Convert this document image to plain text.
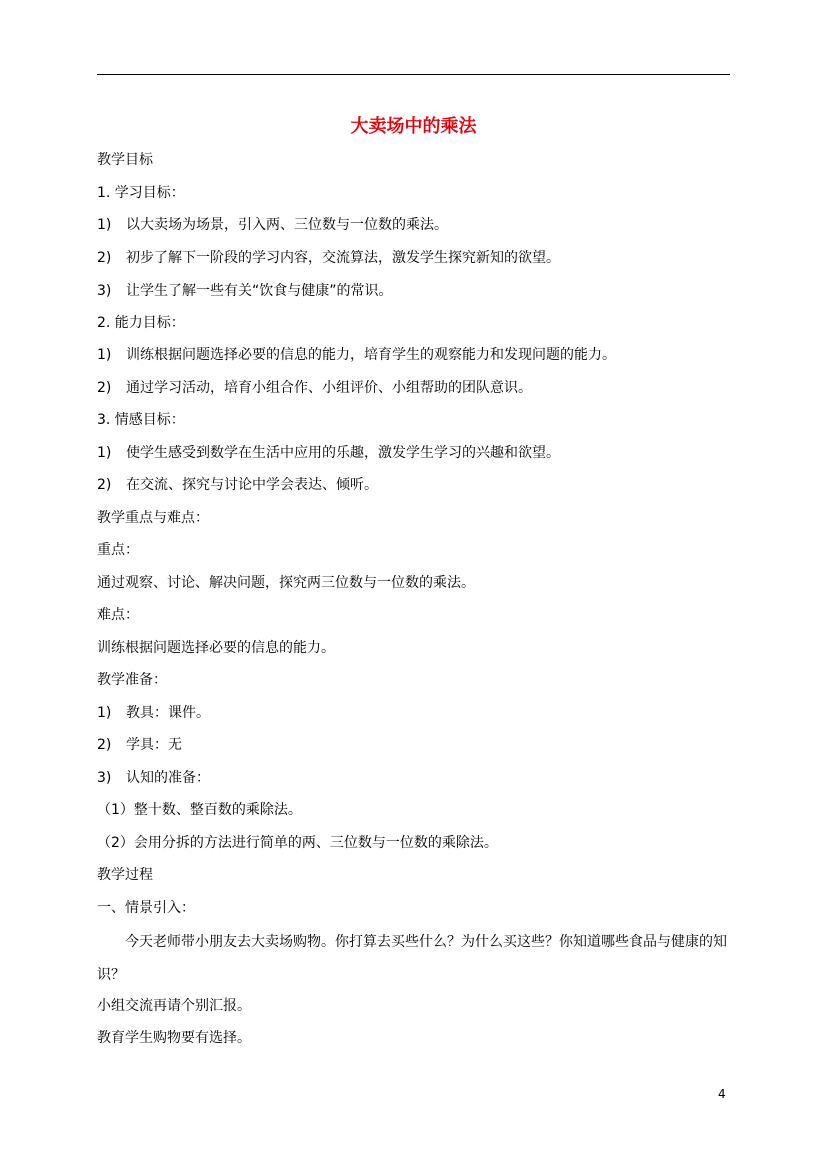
大卖场中的乘法
教学目标
1. 学习目标：
1) 以大卖场为场景，引入两、三位数与一位数的乘法。
2) 初步了解下一阶段的学习内容，交流算法，激发学生探究新知的欲望。
3) 让学生了解一些有关“饮食与健康”的常识。
2. 能力目标：
1) 训练根据问题选择必要的信息的能力，培育学生的观察能力和发现问题的能力。
2) 通过学习活动，培育小组合作、小组评价、小组帮助的团队意识。
3. 情感目标：
1) 使学生感受到数学在生活中应用的乐趣，激发学生学习的兴趣和欲望。
2) 在交流、探究与讨论中学会表达、倾听。
教学重点与难点：
重点：
通过观察、讨论、解决问题，探究两三位数与一位数的乘法。
难点：
训练根据问题选择必要的信息的能力。
教学准备：
1) 教具：课件。
2) 学具：无
3) 认知的准备：
（1）整十数、整百数的乘除法。
（2）会用分拆的方法进行简单的两、三位数与一位数的乘除法。
教学过程
一、情景引入：
今天老师带小朋友去大卖场购物。你打算去买些什么？为什么买这些？你知道哪些食品与健康的知识？
小组交流再请个别汇报。
教育学生购物要有选择。
4
